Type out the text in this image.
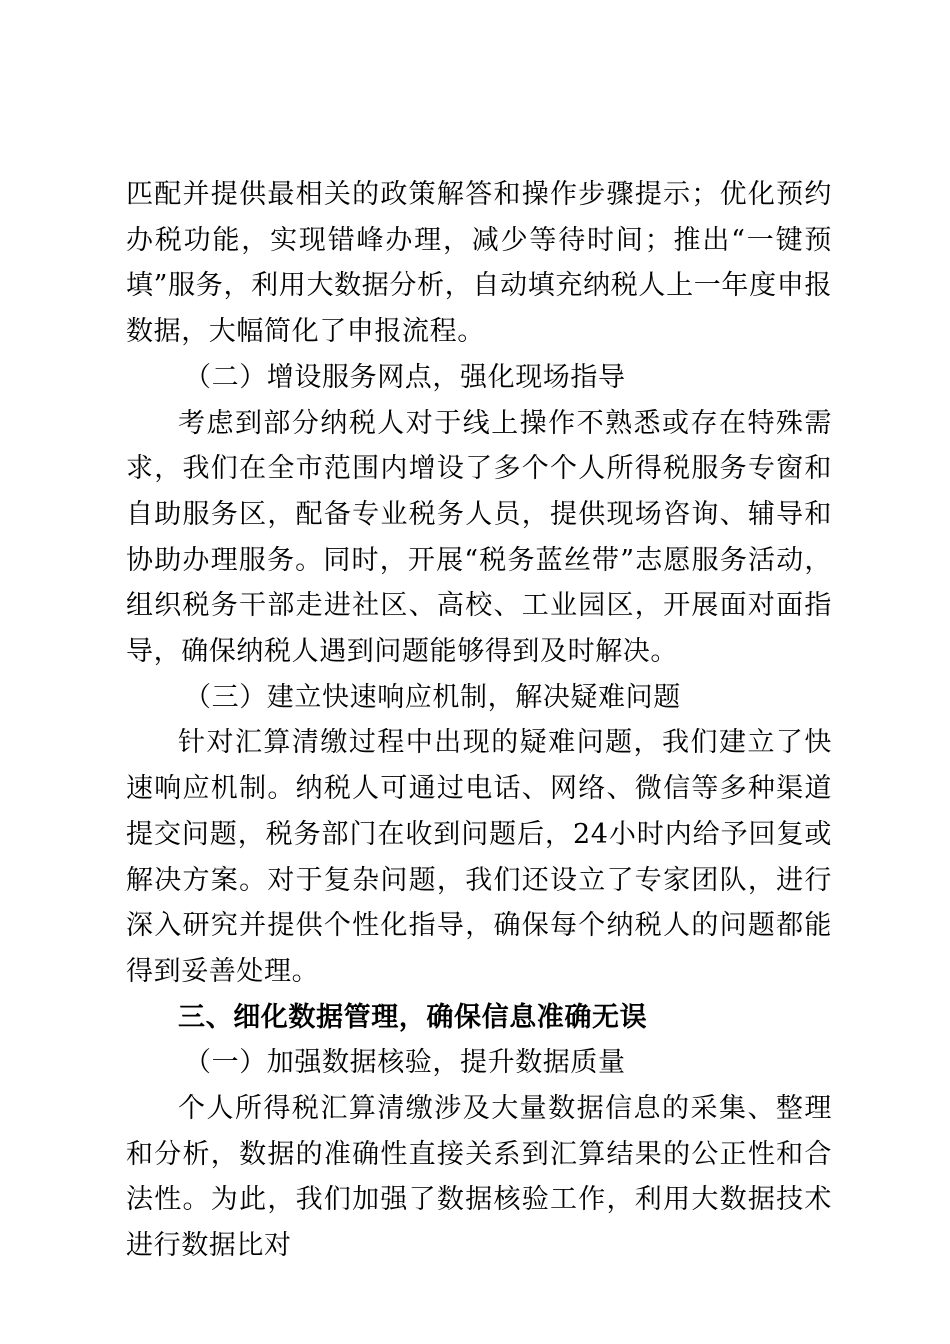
匹配并提供最相关的政策解答和操作步骤提示；优化预约办税功能，实现错峰办理，减少等待时间；推出“一键预填”服务，利用大数据分析，自动填充纳税人上一年度申报数据，大幅简化了申报流程。

（二）增设服务网点，强化现场指导

考虑到部分纳税人对于线上操作不熟悉或存在特殊需求，我们在全市范围内增设了多个个人所得税服务专窗和自助服务区，配备专业税务人员，提供现场咨询、辅导和协助办理服务。同时，开展“税务蓝丝带”志愿服务活动，组织税务干部走进社区、高校、工业园区，开展面对面指导，确保纳税人遇到问题能够得到及时解决。

（三）建立快速响应机制，解决疑难问题

针对汇算清缴过程中出现的疑难问题，我们建立了快速响应机制。纳税人可通过电话、网络、微信等多种渠道提交问题，税务部门在收到问题后，24小时内给予回复或解决方案。对于复杂问题，我们还设立了专家团队，进行深入研究并提供个性化指导，确保每个纳税人的问题都能得到妥善处理。

三、细化数据管理，确保信息准确无误

（一）加强数据核验，提升数据质量

个人所得税汇算清缴涉及大量数据信息的采集、整理和分析，数据的准确性直接关系到汇算结果的公正性和合法性。为此，我们加强了数据核验工作，利用大数据技术进行数据比对
